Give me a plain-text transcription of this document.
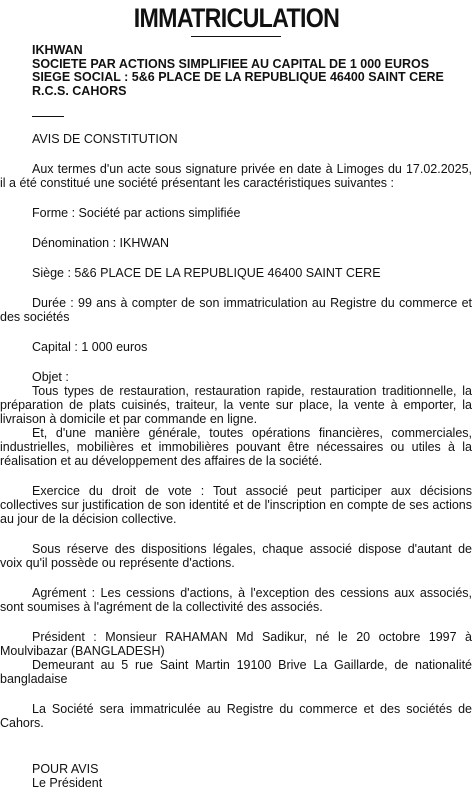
IMMATRICULATION
IKHWAN
SOCIETE PAR ACTIONS SIMPLIFIEE AU CAPITAL DE 1 000 EUROS
SIEGE SOCIAL : 5&6 PLACE DE LA REPUBLIQUE 46400 SAINT CERE
R.C.S. CAHORS

AVIS DE CONSTITUTION

Aux termes d'un acte sous signature privée en date à Limoges du 17.02.2025, il a été constitué une société présentant les caractéristiques suivantes :

Forme : Société par actions simplifiée

Dénomination : IKHWAN

Siège : 5&6 PLACE DE LA REPUBLIQUE 46400 SAINT CERE

Durée : 99 ans à compter de son immatriculation au Registre du commerce et des sociétés

Capital : 1 000 euros

Objet :

Tous types de restauration, restauration rapide, restauration traditionnelle, la préparation de plats cuisinés, traiteur, la vente sur place, la vente à emporter, la livraison à domicile et par commande en ligne.

Et, d'une manière générale, toutes opérations financières, commerciales, industrielles, mobilières et immobilières pouvant être nécessaires ou utiles à la réalisation et au développement des affaires de la société.

Exercice du droit de vote : Tout associé peut participer aux décisions collectives sur justification de son identité et de l'inscription en compte de ses actions au jour de la décision collective.

Sous réserve des dispositions légales, chaque associé dispose d'autant de voix qu'il possède ou représente d'actions.

Agrément : Les cessions d'actions, à l'exception des cessions aux associés, sont soumises à l'agrément de la collectivité des associés.

Président : Monsieur RAHAMAN Md Sadikur, né le 20 octobre 1997 à Moulvibazar (BANGLADESH)

Demeurant au 5 rue Saint Martin 19100 Brive La Gaillarde, de nationalité bangladaise

La Société sera immatriculée au Registre du commerce et des sociétés de Cahors.

POUR AVIS

Le Président
